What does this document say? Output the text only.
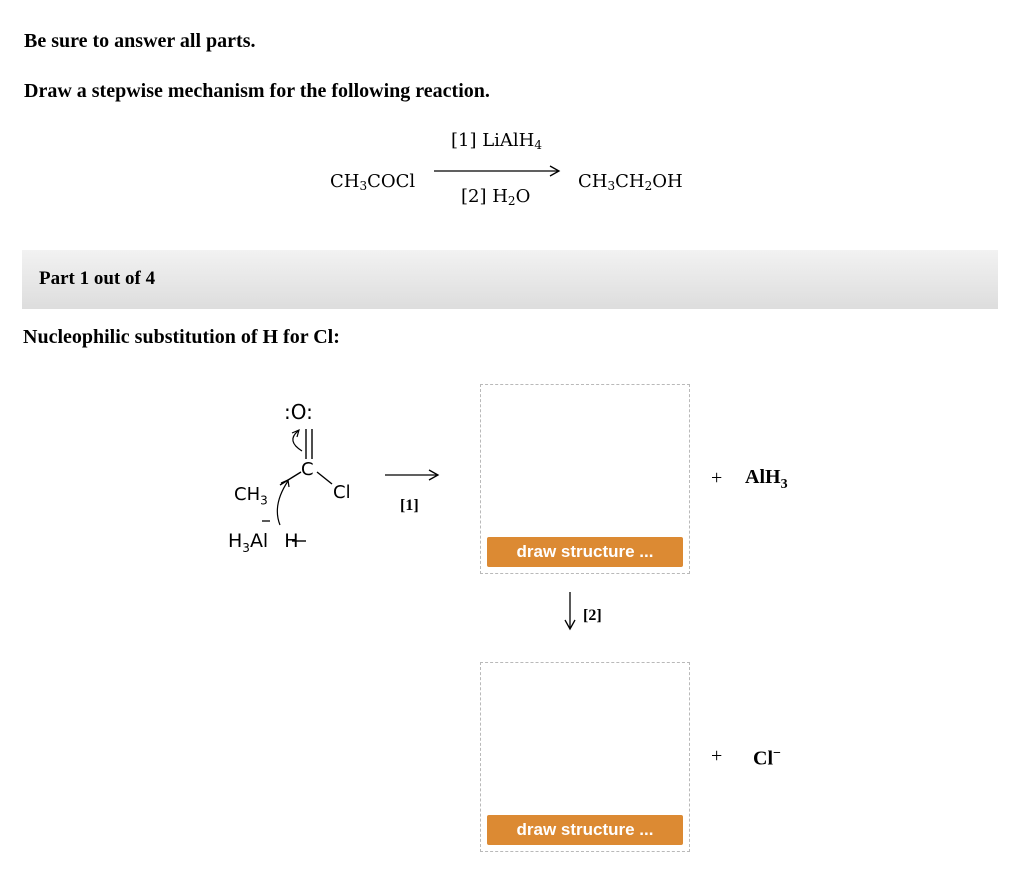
Be sure to answer all parts.
Draw a stepwise mechanism for the following reaction.
$CH_3COCl$
[1] LiAlH$_4$
[2] $H_2O$
$CH_3CH_2OH$
Part 1 out of 4
Nucleophilic substitution of H for Cl:
:O:
C
$CH_3$	Cl
$H_3Al$ H
[1]
draw structure ...
+ AlH$_3$
[2]
draw structure ...
+ Cl−
